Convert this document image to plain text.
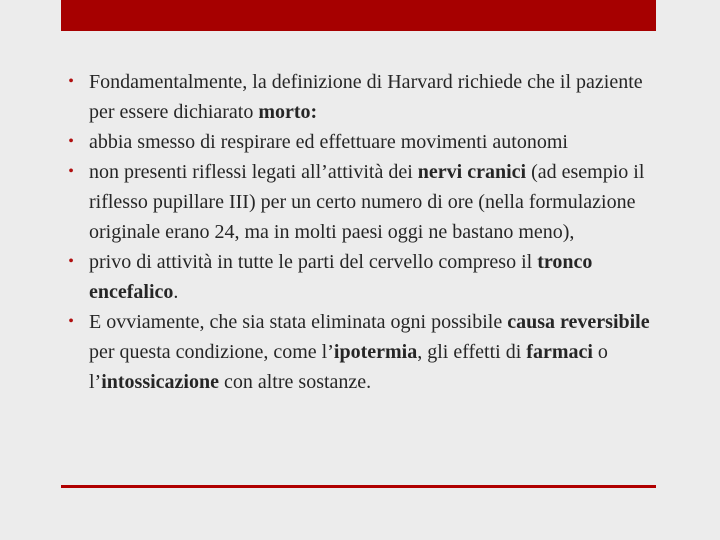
• Fondamentalmente, la definizione di Harvard richiede che il paziente per essere dichiarato morto:
• abbia smesso di respirare ed effettuare movimenti autonomi
• non presenti riflessi legati all’attività dei nervi cranici (ad esempio il riflesso pupillare III) per un certo numero di ore (nella formulazione originale erano 24, ma in molti paesi oggi ne bastano meno),
• privo di attività in tutte le parti del cervello compreso il tronco encefalico.
• E ovviamente, che sia stata eliminata ogni possibile causa reversibile per questa condizione, come l’ipotermia, gli effetti di farmaci o l’intossicazione con altre sostanze.
